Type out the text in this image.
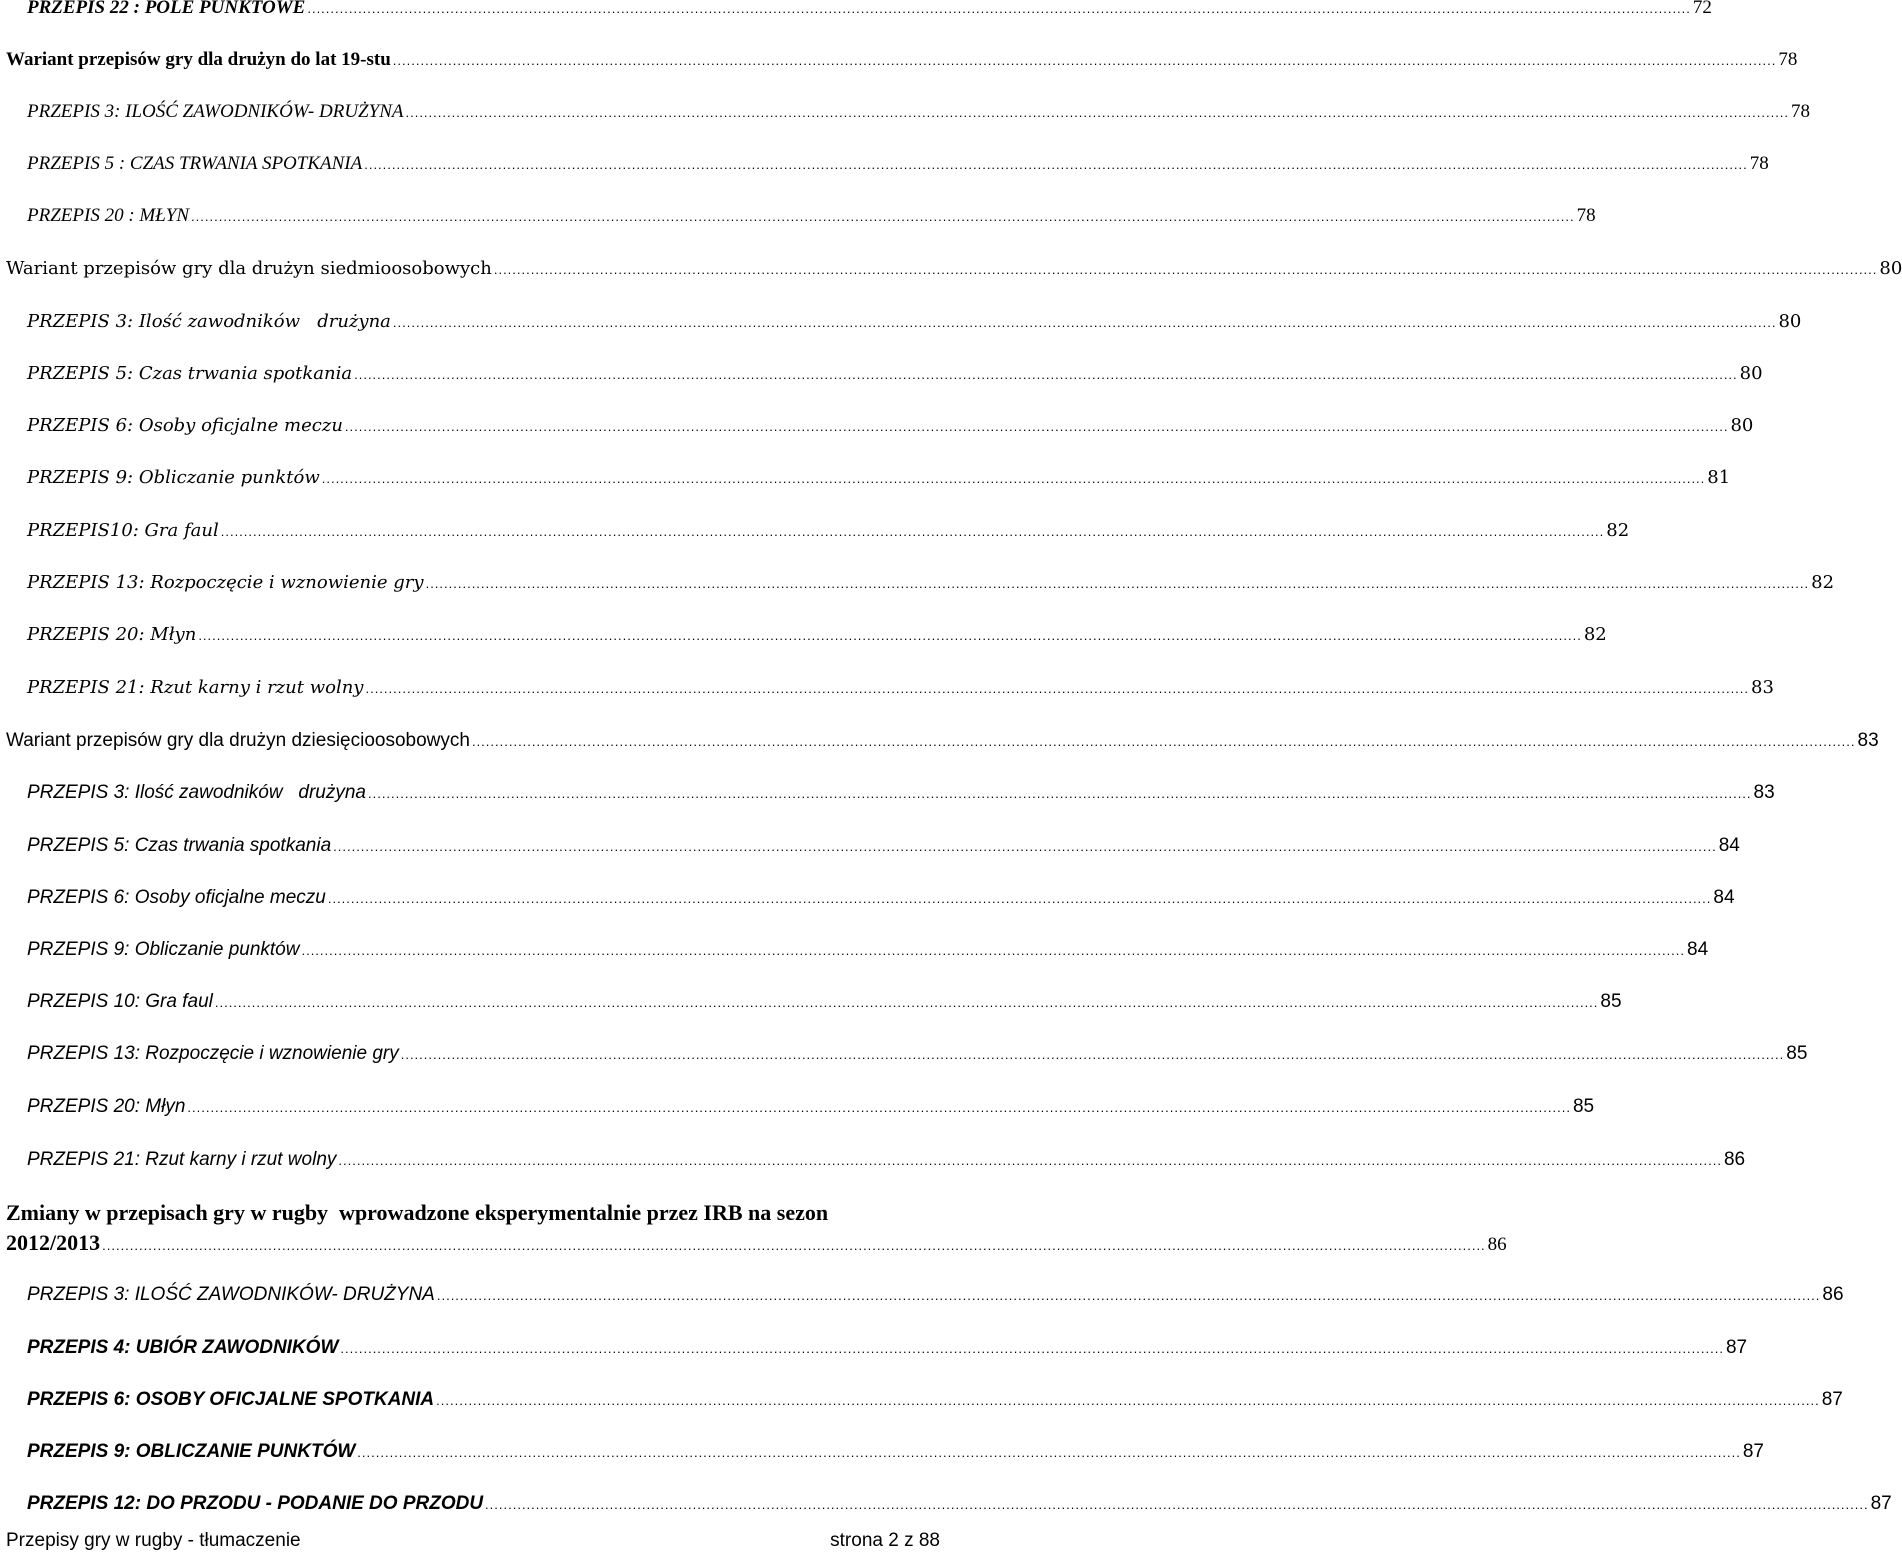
PRZEPIS 22 : POLE PUNKTOWE ............................................................................................................................................................................................................................................................................................................ 72
Wariant przepisów gry dla drużyn do lat 19-stu ............................................................................................................................................................................................................................................................................................................ 78
PRZEPIS 3: ILOŚĆ ZAWODNIKÓW- DRUŻYNA ............................................................................................................................................................................................................................................................................................................ 78
PRZEPIS 5 : CZAS TRWANIA SPOTKANIA ............................................................................................................................................................................................................................................................................................................ 78
PRZEPIS 20 : MŁYN ............................................................................................................................................................................................................................................................................................................ 78
Wariant przepisów gry dla drużyn siedmioosobowych ............................................................................................................................................................................................................................................................................................................ 80
PRZEPIS 3: Ilość zawodników   drużyna ............................................................................................................................................................................................................................................................................................................ 80
PRZEPIS 5: Czas trwania spotkania ............................................................................................................................................................................................................................................................................................................ 80
PRZEPIS 6: Osoby oficjalne meczu ............................................................................................................................................................................................................................................................................................................ 80
PRZEPIS 9: Obliczanie punktów ............................................................................................................................................................................................................................................................................................................ 81
PRZEPIS10: Gra faul ............................................................................................................................................................................................................................................................................................................ 82
PRZEPIS 13: Rozpoczęcie i wznowienie gry ............................................................................................................................................................................................................................................................................................................ 82
PRZEPIS 20: Młyn ............................................................................................................................................................................................................................................................................................................ 82
PRZEPIS 21: Rzut karny i rzut wolny ............................................................................................................................................................................................................................................................................................................ 83
Wariant przepisów gry dla drużyn dziesięcioosobowych ............................................................................................................................................................................................................................................................................................................ 83
PRZEPIS 3: Ilość zawodników   drużyna ............................................................................................................................................................................................................................................................................................................ 83
PRZEPIS 5: Czas trwania spotkania ............................................................................................................................................................................................................................................................................................................ 84
PRZEPIS 6: Osoby oficjalne meczu ............................................................................................................................................................................................................................................................................................................ 84
PRZEPIS 9: Obliczanie punktów ............................................................................................................................................................................................................................................................................................................ 84
PRZEPIS 10: Gra faul ............................................................................................................................................................................................................................................................................................................ 85
PRZEPIS 13: Rozpoczęcie i wznowienie gry ............................................................................................................................................................................................................................................................................................................ 85
PRZEPIS 20: Młyn ............................................................................................................................................................................................................................................................................................................ 85
PRZEPIS 21: Rzut karny i rzut wolny ............................................................................................................................................................................................................................................................................................................ 86
Zmiany w przepisach gry w rugby  wprowadzone eksperymentalnie przez IRB na sezon
2012/2013 ............................................................................................................................................................................................................................................................................................................ 86
PRZEPIS 3: ILOŚĆ ZAWODNIKÓW- DRUŻYNA ............................................................................................................................................................................................................................................................................................................ 86
PRZEPIS 4: UBIÓR ZAWODNIKÓW ............................................................................................................................................................................................................................................................................................................ 87
PRZEPIS 6: OSOBY OFICJALNE SPOTKANIA ............................................................................................................................................................................................................................................................................................................ 87
PRZEPIS 9: OBLICZANIE PUNKTÓW ............................................................................................................................................................................................................................................................................................................ 87
PRZEPIS 12: DO PRZODU - PODANIE DO PRZODU ............................................................................................................................................................................................................................................................................................................ 87
Przepisy gry w rugby - tłumaczenie	strona 2 z 88
